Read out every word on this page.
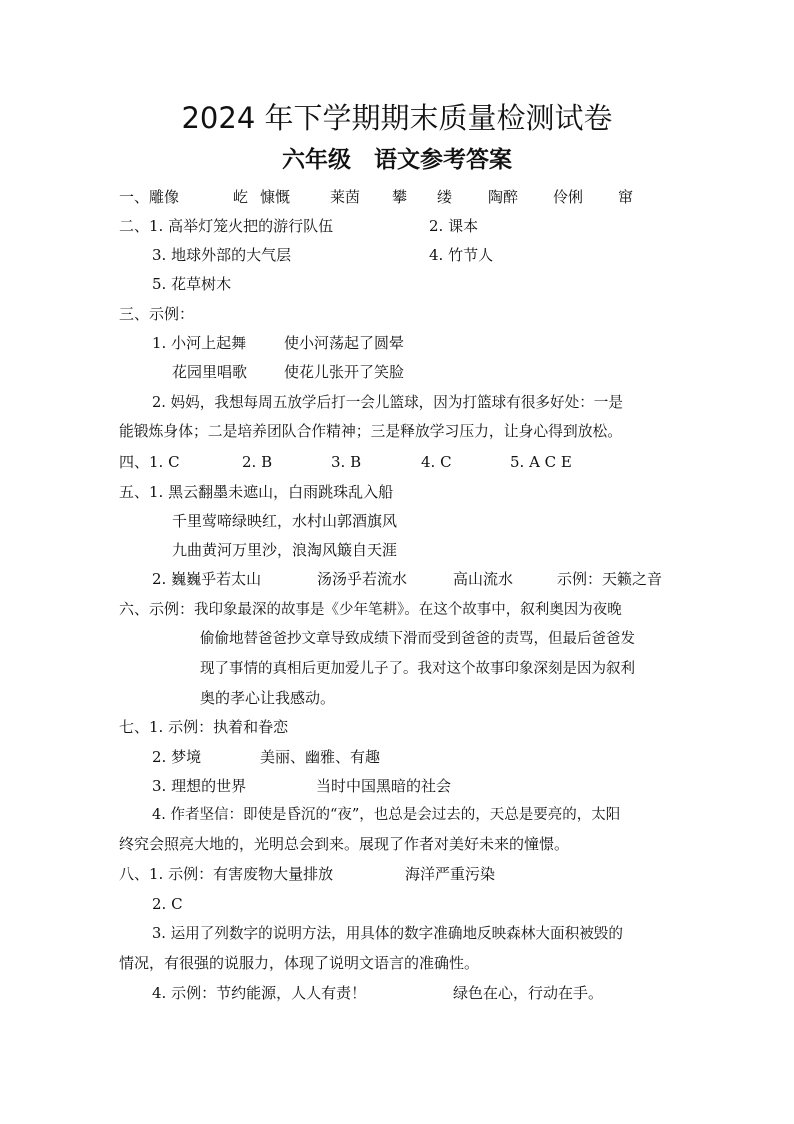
2024 年下学期期末质量检测试卷
六年级　语文参考答案
一、雕像	屹 慷慨	莱茵 攀 缕 陶醉 伶俐 窜
二、1. 高举灯笼火把的游行队伍	2. 课本
3. 地球外部的大气层	4. 竹节人
5. 花草树木
三、示例：
1. 小河上起舞	使小河荡起了圆晕
花园里唱歌 使花儿张开了笑脸
2. 妈妈，我想每周五放学后打一会儿篮球，因为打篮球有很多好处：一是
能锻炼身体；二是培养团队合作精神；三是释放学习压力，让身心得到放松。
四、1. C	2. B	3. B	4. C	5. A C E
五、1. 黑云翻墨未遮山，白雨跳珠乱入船
千里莺啼绿映红，水村山郭酒旗风
九曲黄河万里沙，浪淘风簸自天涯
2. 巍巍乎若太山	汤汤乎若流水	高山流水	示例：天籁之音
六、示例：我印象最深的故事是《少年笔耕》。在这个故事中，叙利奥因为夜晚
偷偷地替爸爸抄文章导致成绩下滑而受到爸爸的责骂，但最后爸爸发
现了事情的真相后更加爱儿子了。我对这个故事印象深刻是因为叙利
奥的孝心让我感动。
七、1. 示例：执着和眷恋
2. 梦境	美丽、幽雅、有趣
3. 理想的世界	当时中国黑暗的社会
4. 作者坚信：即使是昏沉的“夜”，也总是会过去的，天总是要亮的，太阳
终究会照亮大地的，光明总会到来。展现了作者对美好未来的憧憬。
八、1. 示例：有害废物大量排放	海洋严重污染
2. C
3. 运用了列数字的说明方法，用具体的数字准确地反映森林大面积被毁的
情况，有很强的说服力，体现了说明文语言的准确性。
4. 示例：节约能源，人人有责！	绿色在心，行动在手。
